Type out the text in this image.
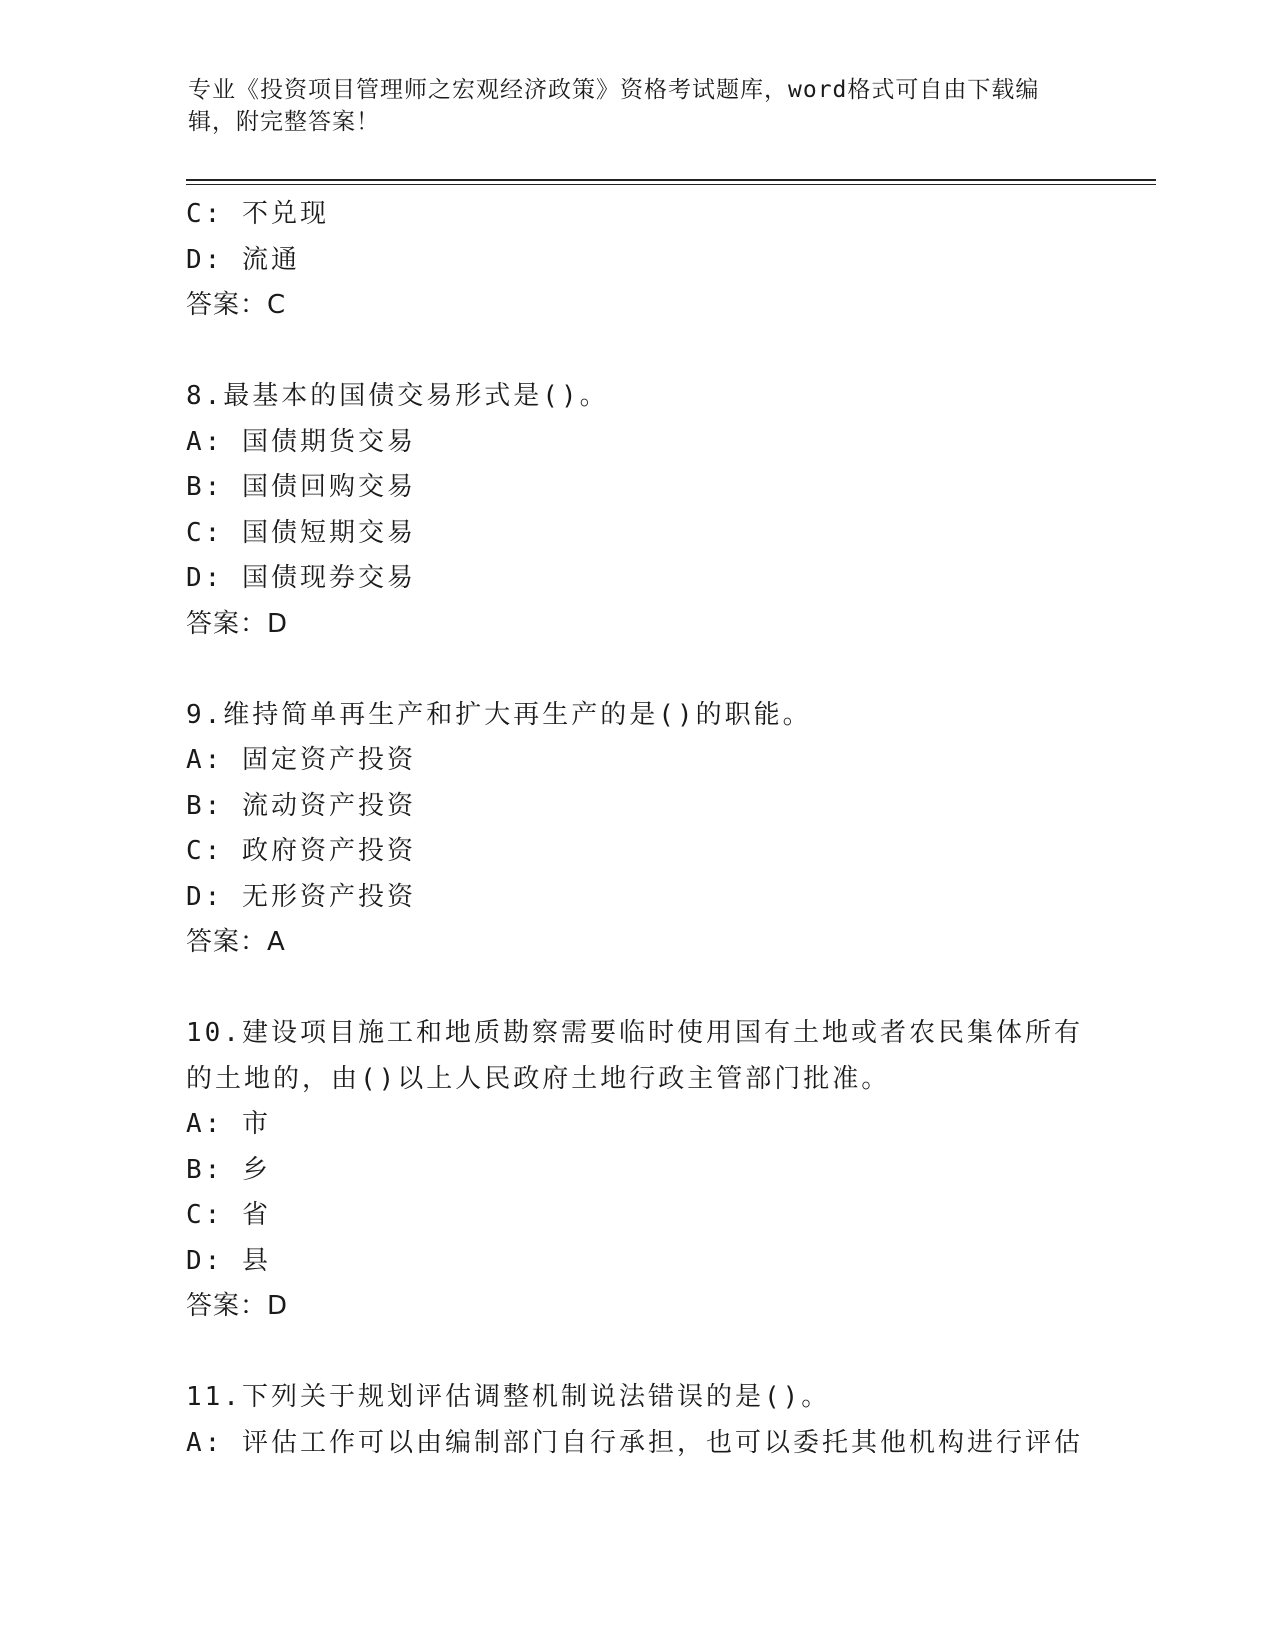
专业《投资项目管理师之宏观经济政策》资格考试题库，word格式可自由下载编
辑，附完整答案！
C: 不兑现
D: 流通
答案：C
8.最基本的国债交易形式是()。
A: 国债期货交易
B: 国债回购交易
C: 国债短期交易
D: 国债现券交易
答案：D
9.维持简单再生产和扩大再生产的是()的职能。
A: 固定资产投资
B: 流动资产投资
C: 政府资产投资
D: 无形资产投资
答案：A
10.建设项目施工和地质勘察需要临时使用国有土地或者农民集体所有
的土地的，由()以上人民政府土地行政主管部门批准。
A: 市
B: 乡
C: 省
D: 县
答案：D
11.下列关于规划评估调整机制说法错误的是()。
A: 评估工作可以由编制部门自行承担，也可以委托其他机构进行评估
